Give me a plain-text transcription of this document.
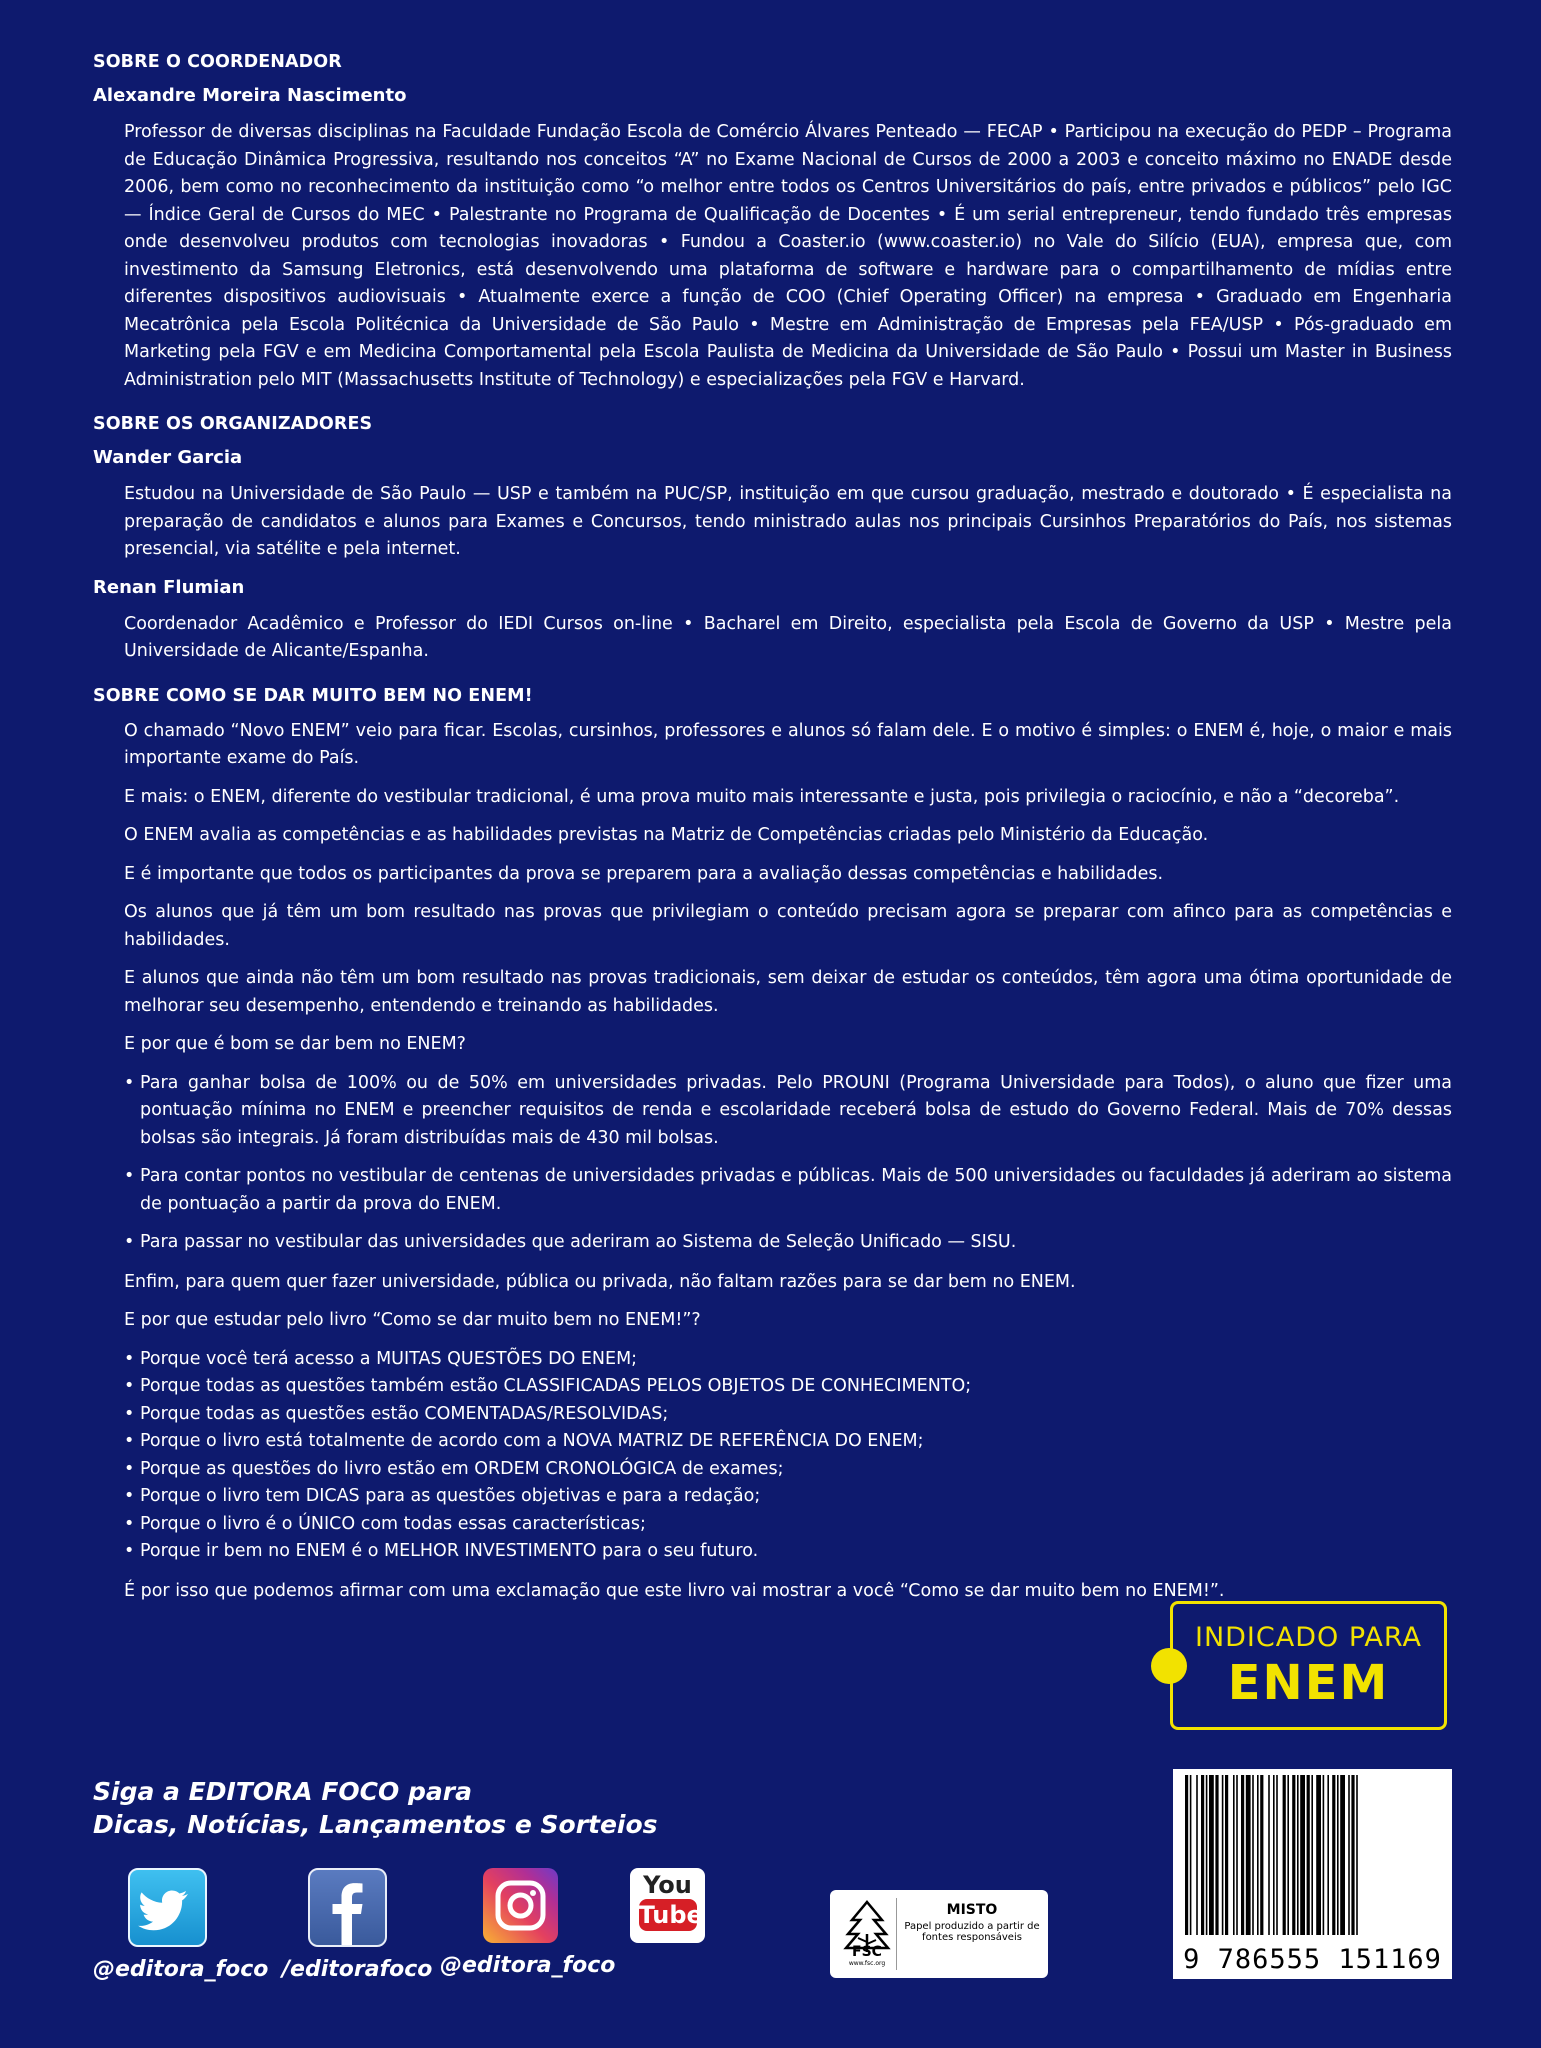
SOBRE O COORDENADOR
Alexandre Moreira Nascimento
Professor de diversas disciplinas na Faculdade Fundação Escola de Comércio Álvares Penteado — FECAP • Participou na execução do PEDP – Programa de Educação Dinâmica Progressiva, resultando nos conceitos “A” no Exame Nacional de Cursos de 2000 a 2003 e conceito máximo no ENADE desde 2006, bem como no reconhecimento da instituição como “o melhor entre todos os Centros Universitários do país, entre privados e públicos” pelo IGC — Índice Geral de Cursos do MEC • Palestrante no Programa de Qualificação de Docentes • É um serial entrepreneur, tendo fundado três empresas onde desenvolveu produtos com tecnologias inovadoras • Fundou a Coaster.io (www.coaster.io) no Vale do Silício (EUA), empresa que, com investimento da Samsung Eletronics, está desenvolvendo uma plataforma de software e hardware para o compartilhamento de mídias entre diferentes dispositivos audiovisuais • Atualmente exerce a função de COO (Chief Operating Officer) na empresa • Graduado em Engenharia Mecatrônica pela Escola Politécnica da Universidade de São Paulo • Mestre em Administração de Empresas pela FEA/USP • Pós-graduado em Marketing pela FGV e em Medicina Comportamental pela Escola Paulista de Medicina da Universidade de São Paulo • Possui um Master in Business Administration pelo MIT (Massachusetts Institute of Technology) e especializações pela FGV e Harvard.
SOBRE OS ORGANIZADORES
Wander Garcia
Estudou na Universidade de São Paulo — USP e também na PUC/SP, instituição em que cursou graduação, mestrado e doutorado • É especialista na preparação de candidatos e alunos para Exames e Concursos, tendo ministrado aulas nos principais Cursinhos Preparatórios do País, nos sistemas presencial, via satélite e pela internet.
Renan Flumian
Coordenador Acadêmico e Professor do IEDI Cursos on-line • Bacharel em Direito, especialista pela Escola de Governo da USP • Mestre pela Universidade de Alicante/Espanha.
SOBRE COMO SE DAR MUITO BEM NO ENEM!
O chamado “Novo ENEM” veio para ficar. Escolas, cursinhos, professores e alunos só falam dele. E o motivo é simples: o ENEM é, hoje, o maior e mais importante exame do País.
E mais: o ENEM, diferente do vestibular tradicional, é uma prova muito mais interessante e justa, pois privilegia o raciocínio, e não a “decoreba”.
O ENEM avalia as competências e as habilidades previstas na Matriz de Competências criadas pelo Ministério da Educação.
E é importante que todos os participantes da prova se preparem para a avaliação dessas competências e habilidades.
Os alunos que já têm um bom resultado nas provas que privilegiam o conteúdo precisam agora se preparar com afinco para as competências e habilidades.
E alunos que ainda não têm um bom resultado nas provas tradicionais, sem deixar de estudar os conteúdos, têm agora uma ótima oportunidade de melhorar seu desempenho, entendendo e treinando as habilidades.
E por que é bom se dar bem no ENEM?
• Para ganhar bolsa de 100% ou de 50% em universidades privadas. Pelo PROUNI (Programa Universidade para Todos), o aluno que fizer uma pontuação mínima no ENEM e preencher requisitos de renda e escolaridade receberá bolsa de estudo do Governo Federal. Mais de 70% dessas bolsas são integrais. Já foram distribuídas mais de 430 mil bolsas.
• Para contar pontos no vestibular de centenas de universidades privadas e públicas. Mais de 500 universidades ou faculdades já aderiram ao sistema de pontuação a partir da prova do ENEM.
• Para passar no vestibular das universidades que aderiram ao Sistema de Seleção Unificado — SISU.
Enfim, para quem quer fazer universidade, pública ou privada, não faltam razões para se dar bem no ENEM.
E por que estudar pelo livro “Como se dar muito bem no ENEM!”?
• Porque você terá acesso a MUITAS QUESTÕES DO ENEM;
• Porque todas as questões também estão CLASSIFICADAS PELOS OBJETOS DE CONHECIMENTO;
• Porque todas as questões estão COMENTADAS/RESOLVIDAS;
• Porque o livro está totalmente de acordo com a NOVA MATRIZ DE REFERÊNCIA DO ENEM;
• Porque as questões do livro estão em ORDEM CRONOLÓGICA de exames;
• Porque o livro tem DICAS para as questões objetivas e para a redação;
• Porque o livro é o ÚNICO com todas essas características;
• Porque ir bem no ENEM é o MELHOR INVESTIMENTO para o seu futuro.
É por isso que podemos afirmar com uma exclamação que este livro vai mostrar a você “Como se dar muito bem no ENEM!”.
INDICADO PARA
ENEM
Siga a EDITORA FOCO para
Dicas, Notícias, Lançamentos e Sorteios
@editora_foco /editorafoco @editora_foco
You
Tube
FSC
www.fsc.org
MISTO
Papel produzido a partir de fontes responsáveis
9 786555 151169
